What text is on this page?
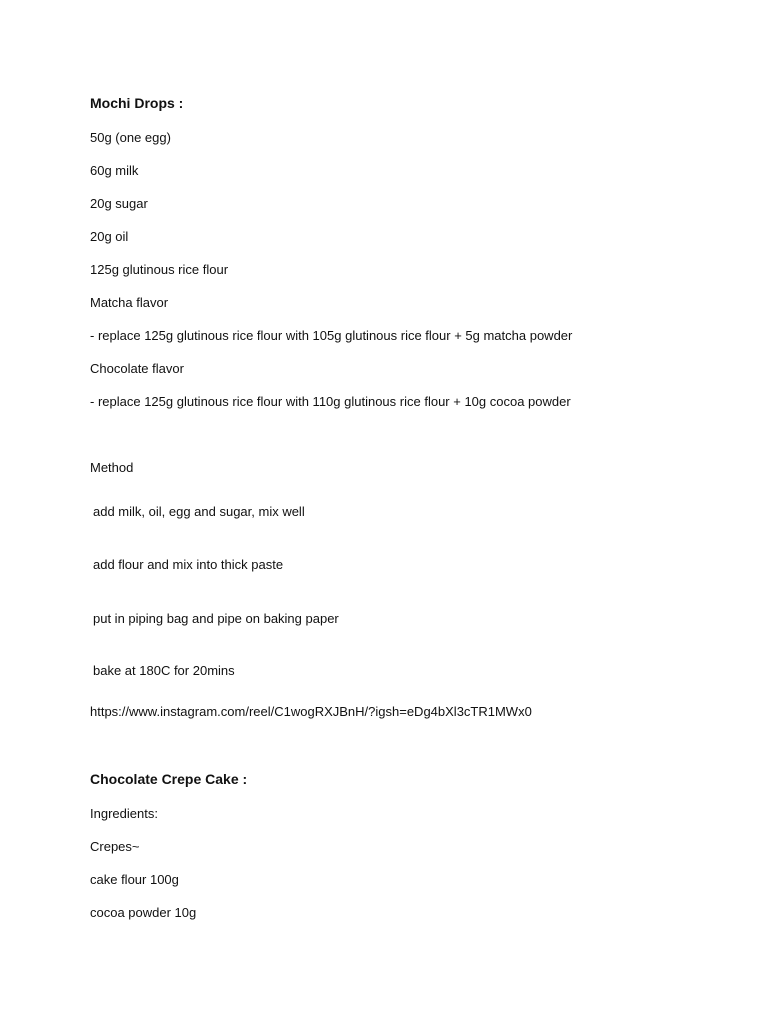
Mochi Drops :
50g (one egg)
60g milk
20g sugar
20g oil
125g glutinous rice flour
Matcha flavor
- replace 125g glutinous rice flour with 105g glutinous rice flour + 5g matcha powder
Chocolate flavor
- replace 125g glutinous rice flour with 110g glutinous rice flour + 10g cocoa powder
Method
add milk, oil, egg and sugar, mix well
add flour and mix into thick paste
put in piping bag and pipe on baking paper
bake at 180C for 20mins
https://www.instagram.com/reel/C1wogRXJBnH/?igsh=eDg4bXl3cTR1MWx0
Chocolate Crepe Cake :
Ingredients:
Crepes~
cake flour 100g
cocoa powder 10g
